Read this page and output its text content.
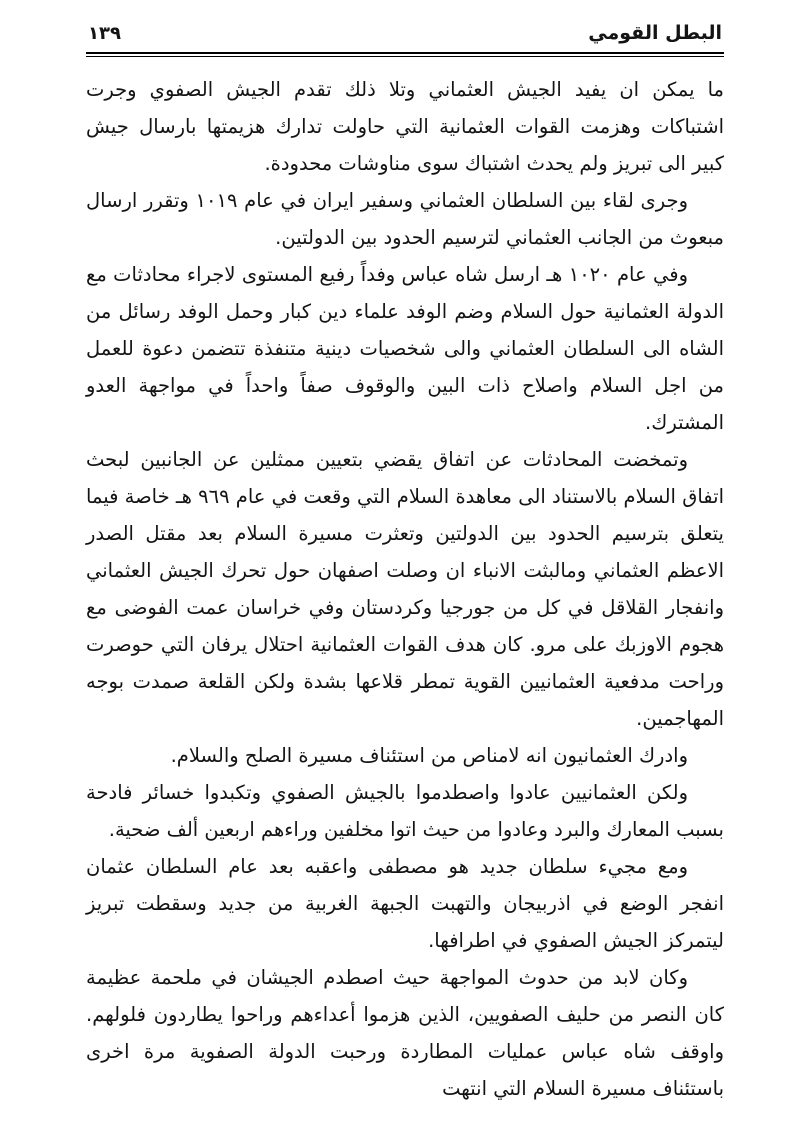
البطل القومي
١٣٩

ما يمكن ان يفيد الجيش العثماني وتلا ذلك تقدم الجيش الصفوي وجرت اشتباكات وهزمت القوات العثمانية التي حاولت تدارك هزيمتها بارسال جيش كبير الى تبريز ولم يحدث اشتباك سوى مناوشات محدودة.

وجرى لقاء بين السلطان العثماني وسفير ايران في عام ١٠١٩ وتقرر ارسال مبعوث من الجانب العثماني لترسيم الحدود بين الدولتين.

وفي عام ١٠٢٠ هـ ارسل شاه عباس وفداً رفيع المستوى لاجراء محادثات مع الدولة العثمانية حول السلام وضم الوفد علماء دين كبار وحمل الوفد رسائل من الشاه الى السلطان العثماني والى شخصيات دينية متنفذة تتضمن دعوة للعمل من اجل السلام واصلاح ذات البين والوقوف صفاً واحداً في مواجهة العدو المشترك.

وتمخضت المحادثات عن اتفاق يقضي بتعيين ممثلين عن الجانبين لبحث اتفاق السلام بالاستناد الى معاهدة السلام التي وقعت في عام ٩٦٩ هـ خاصة فيما يتعلق بترسيم الحدود بين الدولتين وتعثرت مسيرة السلام بعد مقتل الصدر الاعظم العثماني ومالبثت الانباء ان وصلت اصفهان حول تحرك الجيش العثماني وانفجار القلاقل في كل من جورجيا وكردستان وفي خراسان عمت الفوضى مع هجوم الاوزبك على مرو. كان هدف القوات العثمانية احتلال يرفان التي حوصرت وراحت مدفعية العثمانيين القوية تمطر قلاعها بشدة ولكن القلعة صمدت بوجه المهاجمين.

وادرك العثمانيون انه لامناص من استئناف مسيرة الصلح والسلام.

ولكن العثمانيين عادوا واصطدموا بالجيش الصفوي وتكبدوا خسائر فادحة بسبب المعارك والبرد وعادوا من حيث اتوا مخلفين وراءهم اربعين ألف ضحية.

ومع مجيء سلطان جديد هو مصطفى واعقبه بعد عام السلطان عثمان انفجر الوضع في اذربيجان والتهبت الجبهة الغربية من جديد وسقطت تبريز ليتمركز الجيش الصفوي في اطرافها.

وكان لابد من حدوث المواجهة حيث اصطدم الجيشان في ملحمة عظيمة كان النصر من حليف الصفويين، الذين هزموا أعداءهم وراحوا يطاردون فلولهم. واوقف شاه عباس عمليات المطاردة ورحبت الدولة الصفوية مرة اخرى باستئناف مسيرة السلام التي انتهت
